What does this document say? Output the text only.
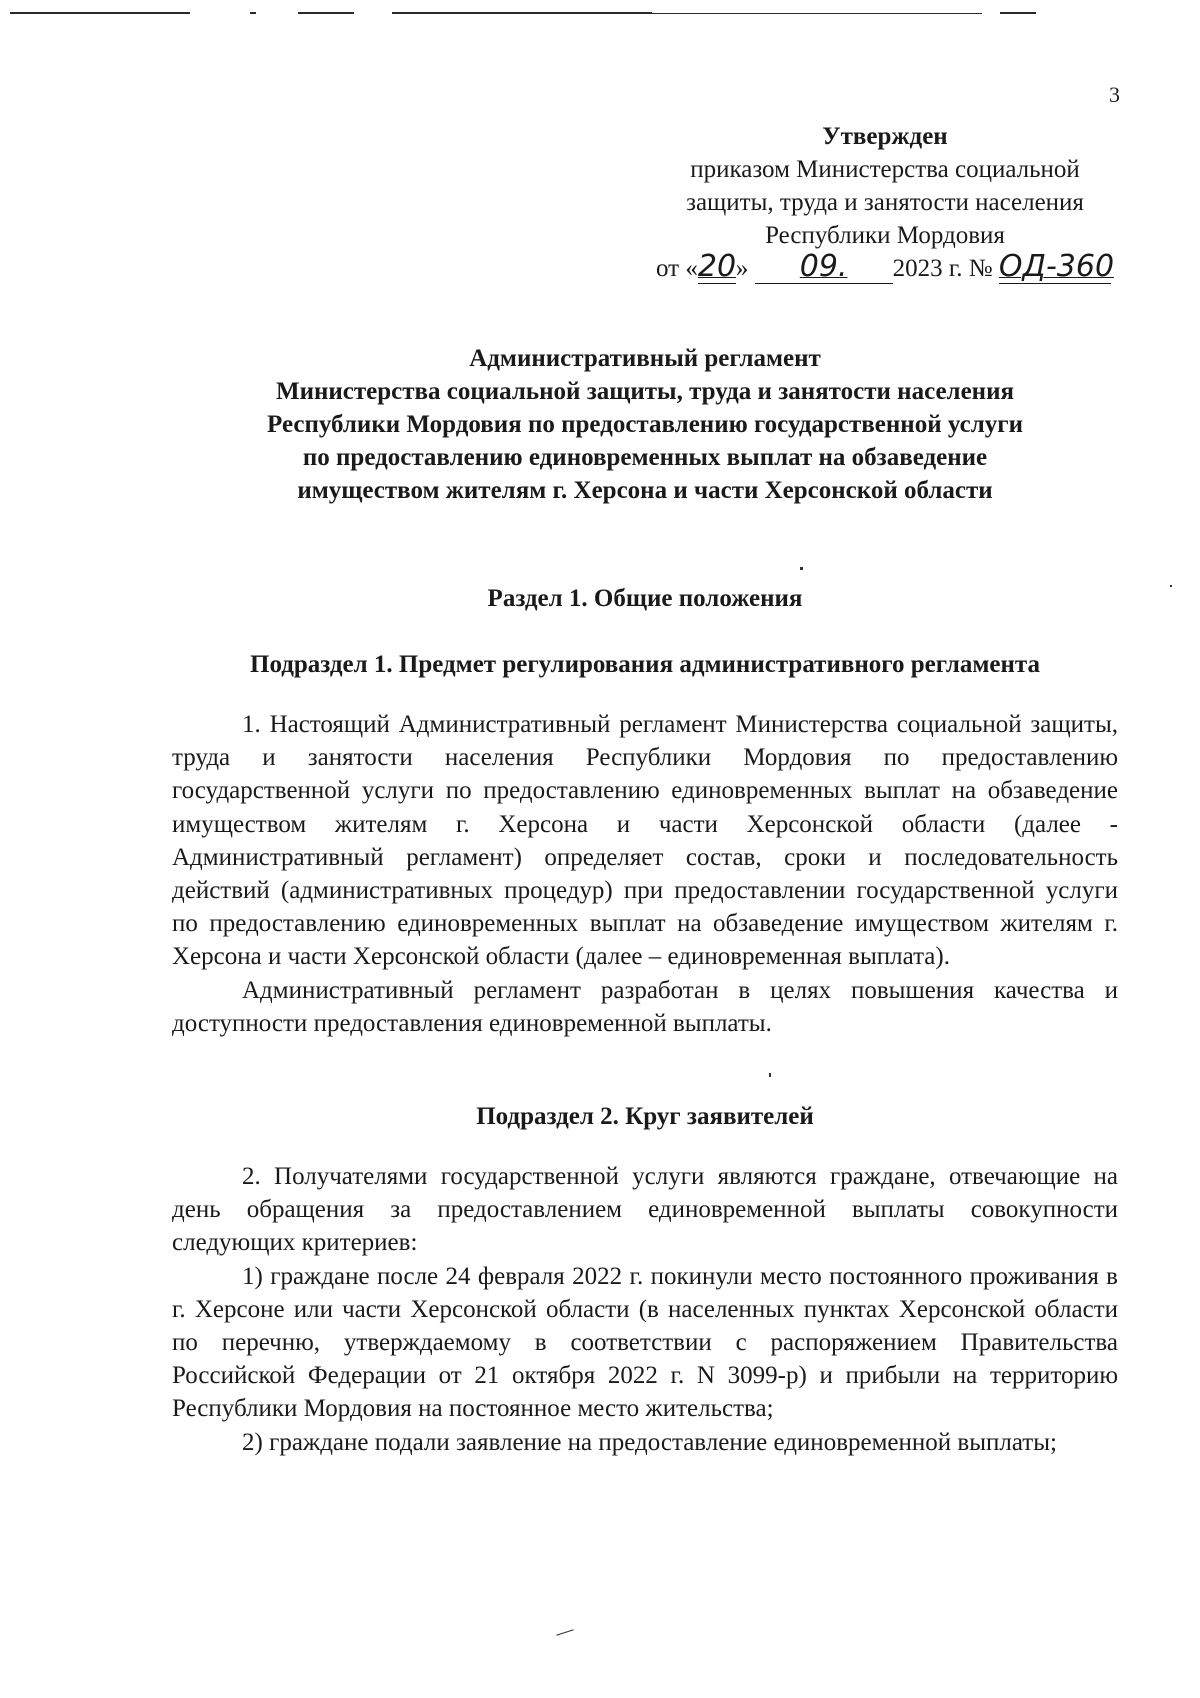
3
Утвержден
приказом Министерства социальной
защиты, труда и занятости населения
Республики Мордовия
от «20» 09. 2023 г. № ОД-360
Административный регламент
Министерства социальной защиты, труда и занятости населения
Республики Мордовия по предоставлению государственной услуги
по предоставлению единовременных выплат на обзаведение
имуществом жителям г. Херсона и части Херсонской области
Раздел 1. Общие положения
Подраздел 1. Предмет регулирования административного регламента

1. Настоящий Административный регламент Министерства социальной защиты, труда и занятости населения Республики Мордовия по предоставлению государственной услуги по предоставлению единовременных выплат на обзаведение имуществом жителям г. Херсона и части Херсонской области (далее - Административный регламент) определяет состав, сроки и последовательность действий (административных процедур) при предоставлении государственной услуги по предоставлению единовременных выплат на обзаведение имуществом жителям г. Херсона и части Херсонской области (далее – единовременная выплата).

Административный регламент разработан в целях повышения качества и доступности предоставления единовременной выплаты.

Подраздел 2. Круг заявителей

2. Получателями государственной услуги являются граждане, отвечающие на день обращения за предоставлением единовременной выплаты совокупности следующих критериев:

1) граждане после 24 февраля 2022 г. покинули место постоянного проживания в г. Херсоне или части Херсонской области (в населенных пунктах Херсонской области по перечню, утверждаемому в соответствии с распоряжением Правительства Российской Федерации от 21 октября 2022 г. N 3099-р) и прибыли на территорию Республики Мордовия на постоянное место жительства;

2) граждане подали заявление на предоставление единовременной выплаты;
